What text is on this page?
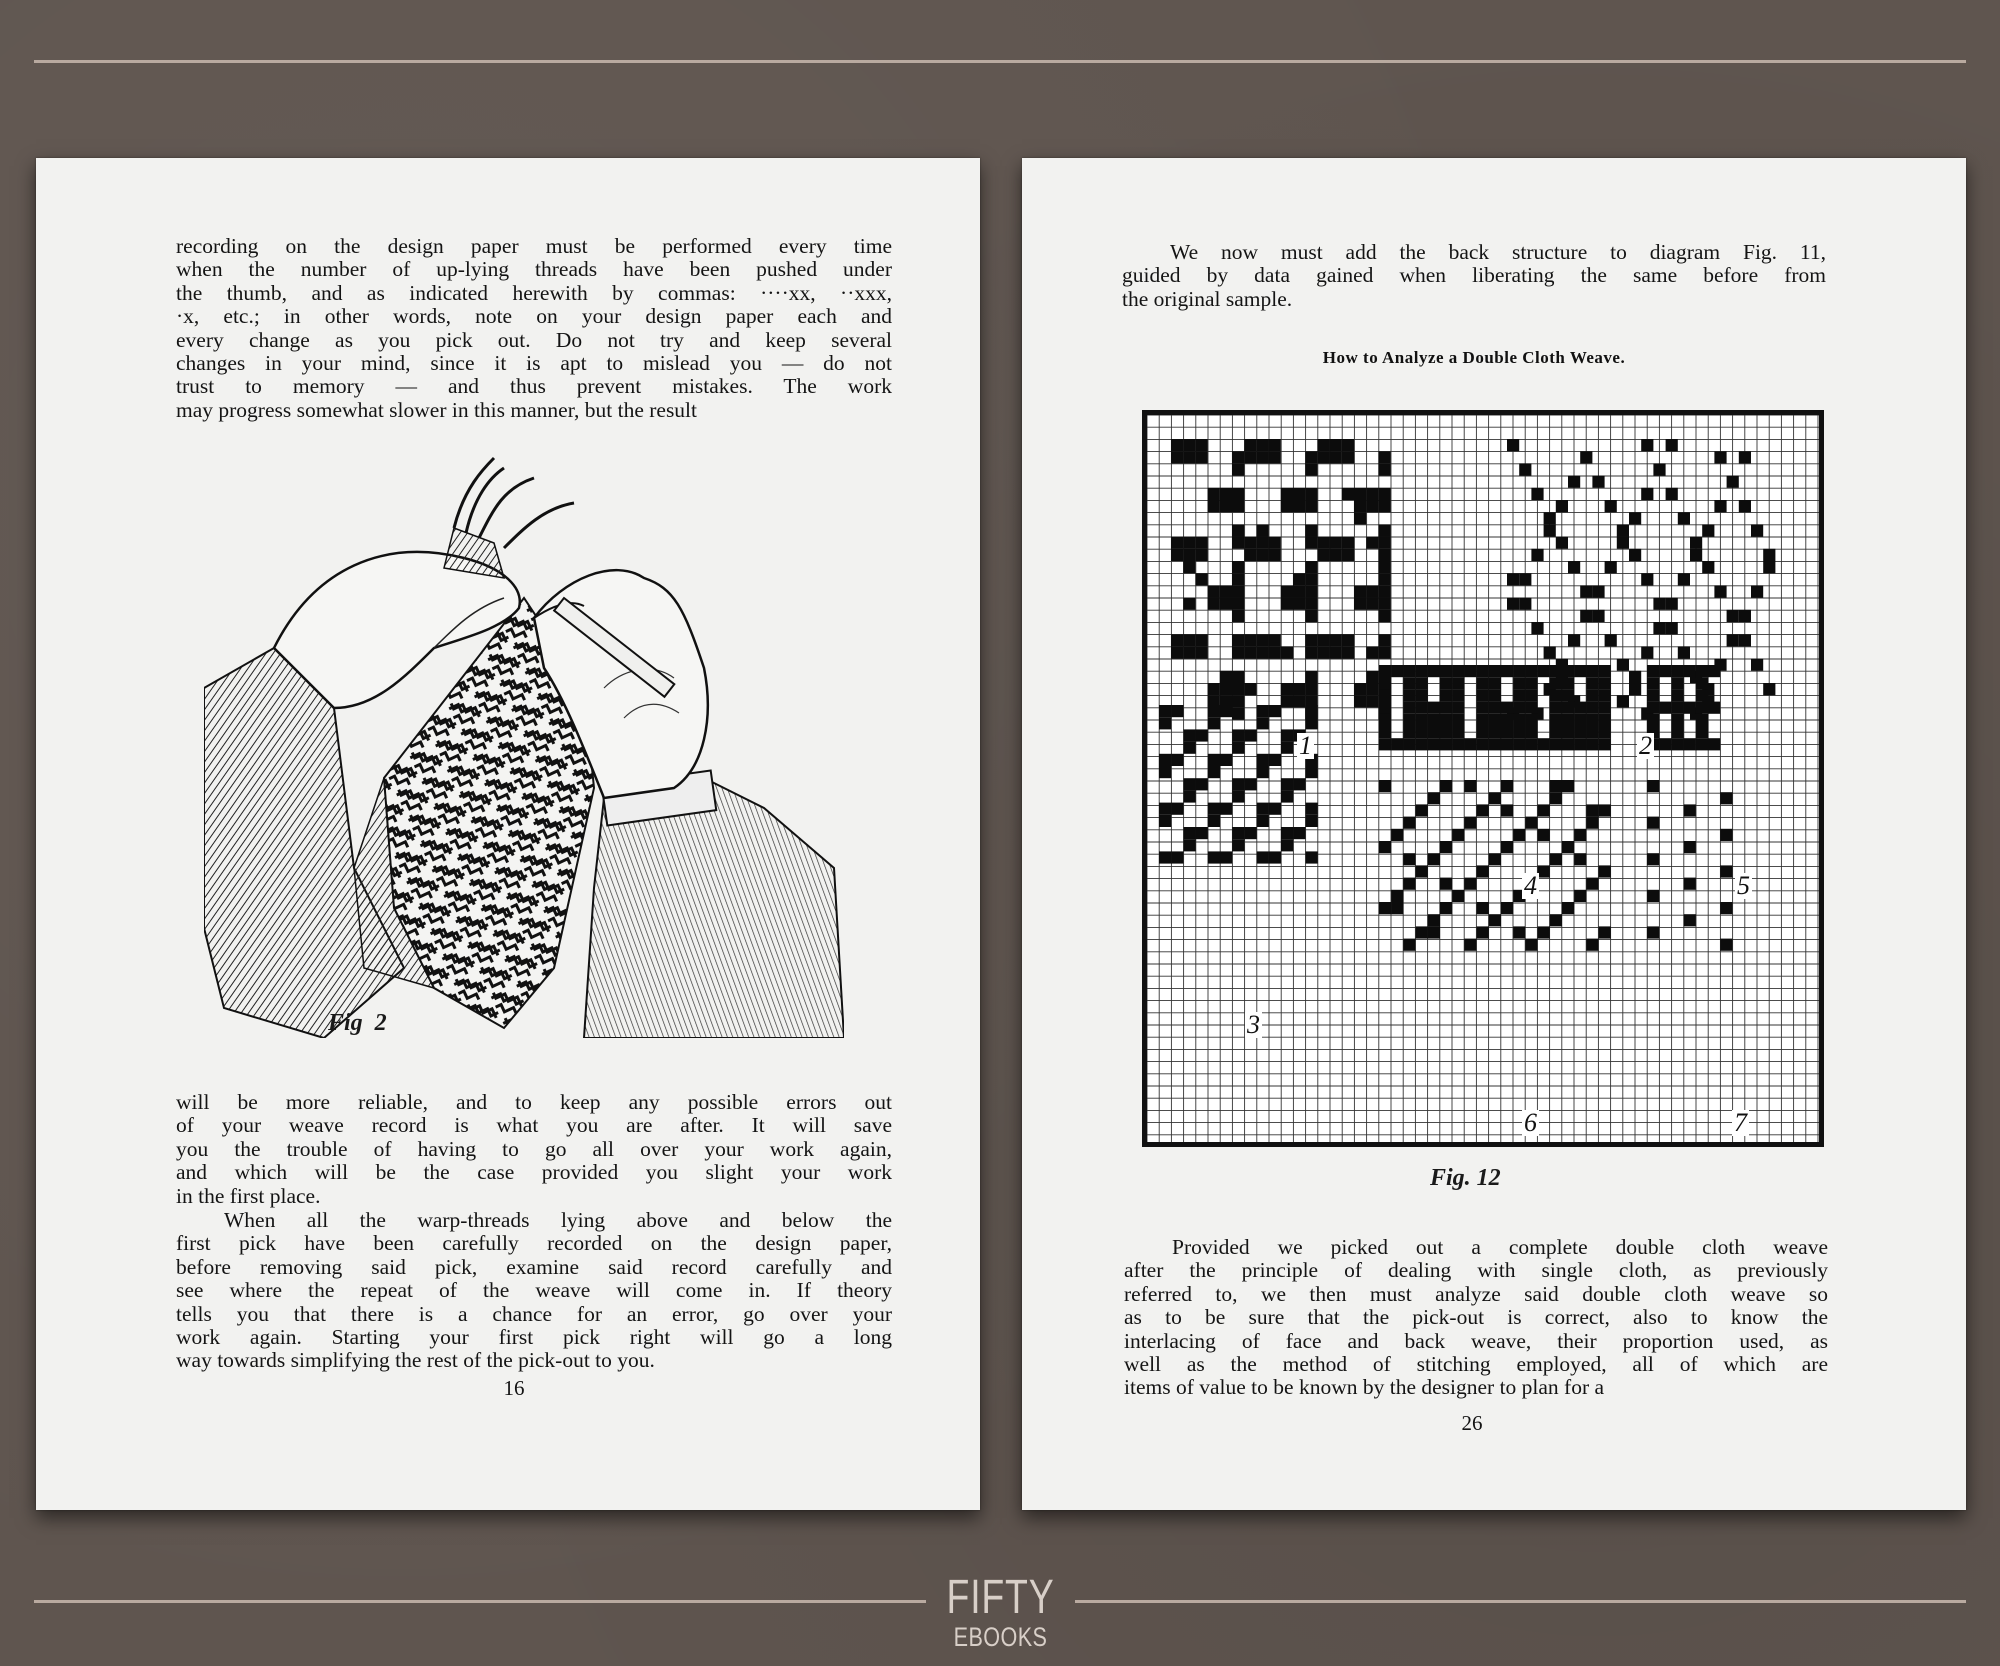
recording on the design paper must be performed every time
when the number of up-lying threads have been pushed under
the thumb, and as indicated herewith by commas: ····xx, ··xxx,
·x, etc.; in other words, note on your design paper each and
every change as you pick out. Do not try and keep several
changes in your mind, since it is apt to mislead you — do not
trust to memory — and thus prevent mistakes. The work
may progress somewhat slower in this manner, but the result
Fig  2
will be more reliable, and to keep any possible errors out
of your weave record is what you are after. It will save
you the trouble of having to go all over your work again,
and which will be the case provided you slight your work
in the first place.
When all the warp-threads lying above and below the
first pick have been carefully recorded on the design paper,
before removing said pick, examine said record carefully and
see where the repeat of the weave will come in. If theory
tells you that there is a chance for an error, go over your
work again. Starting your first pick right will go a long
way towards simplifying the rest of the pick-out to you.
16
We now must add the back structure to diagram Fig. 11,
guided by data gained when liberating the same before from
the original sample.
How to Analyze a Double Cloth Weave.
1	2
3
4	5
6	7
Fig. 12
Provided we picked out a complete double cloth weave
after the principle of dealing with single cloth, as previously
referred to, we then must analyze said double cloth weave so
as to be sure that the pick-out is correct, also to know the
interlacing of face and back weave, their proportion used, as
well as the method of stitching employed, all of which are
items of value to be known by the designer to plan for a
26
FIFTY
EBOOKS
